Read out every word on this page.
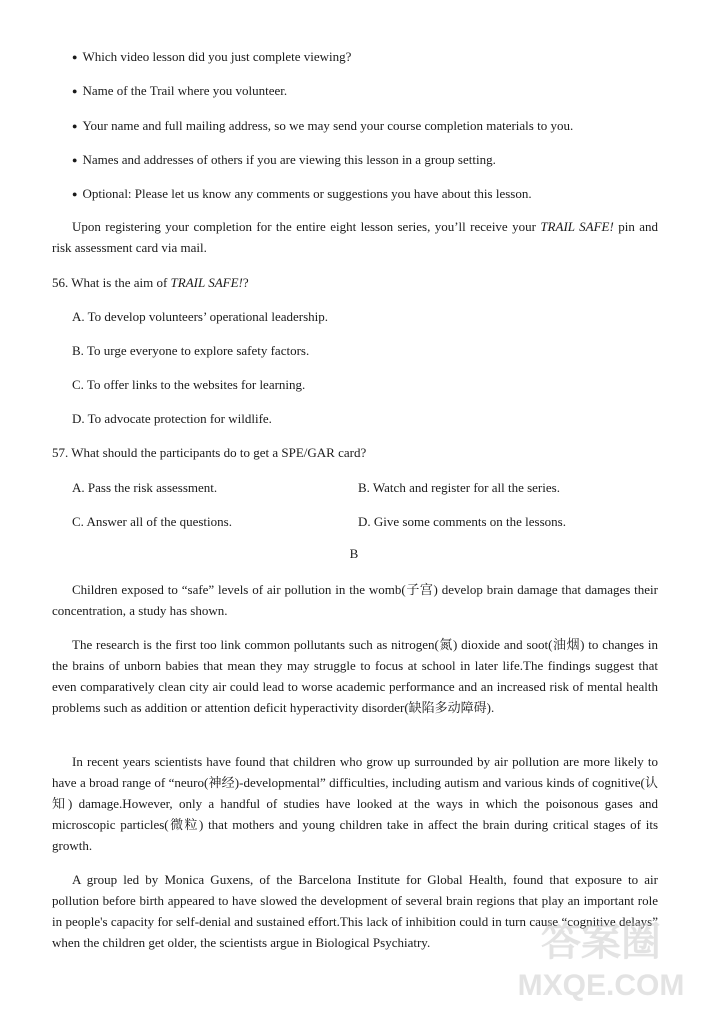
● Which video lesson did you just complete viewing?
● Name of the Trail where you volunteer.
● Your name and full mailing address, so we may send your course completion materials to you.
● Names and addresses of others if you are viewing this lesson in a group setting.
● Optional: Please let us know any comments or suggestions you have about this lesson.
Upon registering your completion for the entire eight lesson series, you’ll receive your TRAIL SAFE! pin and risk assessment card via mail.
56. What is the aim of TRAIL SAFE!?
A. To develop volunteers’ operational leadership.
B. To urge everyone to explore safety factors.
C. To offer links to the websites for learning.
D. To advocate protection for wildlife.
57. What should the participants do to get a SPE/GAR card?
A. Pass the risk assessment.	B. Watch and register for all the series.
C. Answer all of the questions.	D. Give some comments on the lessons.
B
Children exposed to “safe” levels of air pollution in the womb(子宫) develop brain damage that damages their concentration, a study has shown.
The research is the first too link common pollutants such as nitrogen(氮) dioxide and soot(油烟) to changes in the brains of unborn babies that mean they may struggle to focus at school in later life.The findings suggest that even comparatively clean city air could lead to worse academic performance and an increased risk of mental health problems such as addition or attention deficit hyperactivity disorder(缺陷多动障碍).
In recent years scientists have found that children who grow up surrounded by air pollution are more likely to have a broad range of “neuro(神经)-developmental” difficulties, including autism and various kinds of cognitive(认知) damage.However, only a handful of studies have looked at the ways in which the poisonous gases and microscopic particles(微粒) that mothers and young children take in affect the brain during critical stages of its growth.
A group led by Monica Guxens, of the Barcelona Institute for Global Health, found that exposure to air pollution before birth appeared to have slowed the development of several brain regions that play an important role in people's capacity for self-denial and sustained effort.This lack of inhibition could in turn cause “cognitive delays” when the children get older, the scientists argue in Biological Psychiatry.	答案圈
MXQE.COM
